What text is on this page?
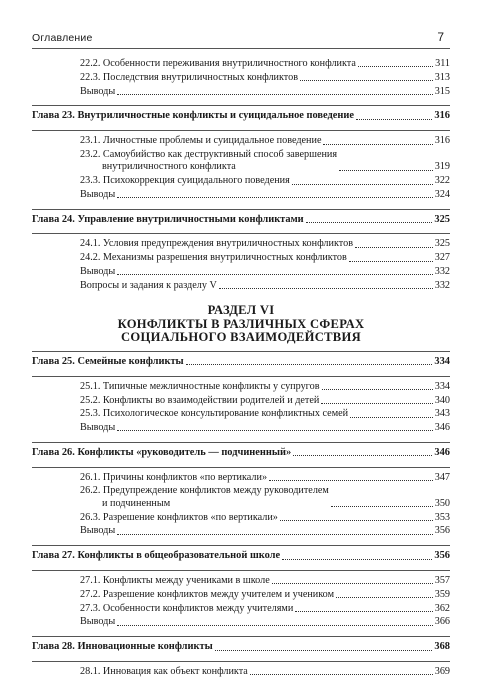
Оглавление	7
22.2. Особенности переживания внутриличностного конфликта	311
22.3. Последствия внутриличностных конфликтов	313
Выводы	315
Глава 23. Внутриличностные конфликты и суицидальное поведение	316
23.1. Личностные проблемы и суицидальное поведение	316
23.2. Самоубийство как деструктивный способ завершения
внутриличностного конфликта	319
23.3. Психокоррекция суицидального поведения	322
Выводы	324
Глава 24. Управление внутриличностными конфликтами	325
24.1. Условия предупреждения внутриличностных конфликтов	325
24.2. Механизмы разрешения внутриличностных конфликтов	327
Выводы	332
Вопросы и задания к разделу V	332
РАЗДЕЛ VI
КОНФЛИКТЫ В РАЗЛИЧНЫХ СФЕРАХ
СОЦИАЛЬНОГО ВЗАИМОДЕЙСТВИЯ
Глава 25. Семейные конфликты	334
25.1. Типичные межличностные конфликты у супругов	334
25.2. Конфликты во взаимодействии родителей и детей	340
25.3. Психологическое консультирование конфликтных семей	343
Выводы	346
Глава 26. Конфликты «руководитель — подчиненный»	346
26.1. Причины конфликтов «по вертикали»	347
26.2. Предупреждение конфликтов между руководителем
и подчиненным	350
26.3. Разрешение конфликтов «по вертикали»	353
Выводы	356
Глава 27. Конфликты в общеобразовательной школе	356
27.1. Конфликты между учениками в школе	357
27.2. Разрешение конфликтов между учителем и учеником	359
27.3. Особенности конфликтов между учителями	362
Выводы	366
Глава 28. Инновационные конфликты	368
28.1. Инновация как объект конфликта	369
